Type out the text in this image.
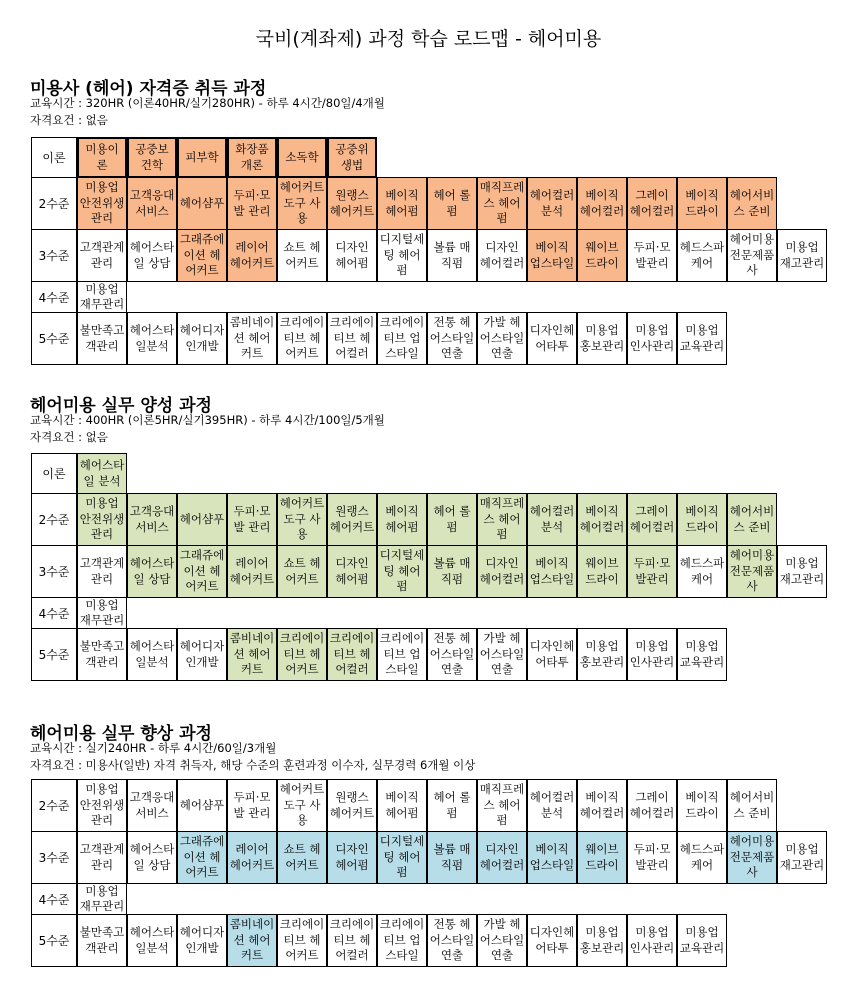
국비(계좌제) 과정 학습 로드맵 - 헤어미용
미용사 (헤어) 자격증 취득 과정
교육시간 : 320HR (이론40HR/실기280HR) - 하루 4시간/80일/4개월
자격요건 : 없음
이론
미용이론
공중보건학
피부학
화장품개론
소독학
공중위생법
2수준
미용업 안전위생 관리
고객응대 서비스
헤어샴푸
두피·모발 관리
헤어커트 도구 사용
원랭스 헤어커트
베이직 헤어펌
헤어 롤 펌
매직프레스 헤어펌
헤어컬러 분석
베이직 헤어컬러
그레이 헤어컬러
베이직 드라이
헤어서비스 준비
3수준
고객관계관리
헤어스타일 상담
그래쥬에이션 헤어커트
레이어 헤어커트
쇼트 헤어커트
디자인 헤어펌
디지털세팅 헤어펌
볼륨 매직펌
디자인 헤어컬러
베이직 업스타일
웨이브 드라이
두피·모발관리
헤드스파케어
헤어미용 전문제품사
미용업 재고관리
4수준
미용업 재무관리
5수준
불만족고객관리
헤어스타일분석
헤어디자인개발
콤비네이션 헤어커트
크리에이티브 헤어커트
크리에이티브 헤어컬러
크리에이티브 업스타일
전통 헤어스타일연출
가발 헤어스타일연출
디자인헤어타투
미용업 홍보관리
미용업 인사관리
미용업 교육관리
헤어미용 실무 양성 과정
교육시간 : 400HR (이론5HR/실기395HR) - 하루 4시간/100일/5개월
자격요건 : 없음
이론
헤어스타일 분석
2수준
미용업 안전위생 관리
고객응대 서비스
헤어샴푸
두피·모발 관리
헤어커트 도구 사용
원랭스 헤어커트
베이직 헤어펌
헤어 롤 펌
매직프레스 헤어펌
헤어컬러 분석
베이직 헤어컬러
그레이 헤어컬러
베이직 드라이
헤어서비스 준비
3수준
고객관계관리
헤어스타일 상담
그래쥬에이션 헤어커트
레이어 헤어커트
쇼트 헤어커트
디자인 헤어펌
디지털세팅 헤어펌
볼륨 매직펌
디자인 헤어컬러
베이직 업스타일
웨이브 드라이
두피·모발관리
헤드스파케어
헤어미용 전문제품사
미용업 재고관리
4수준
미용업 재무관리
5수준
불만족고객관리
헤어스타일분석
헤어디자인개발
콤비네이션 헤어커트
크리에이티브 헤어커트
크리에이티브 헤어컬러
크리에이티브 업스타일
전통 헤어스타일연출
가발 헤어스타일연출
디자인헤어타투
미용업 홍보관리
미용업 인사관리
미용업 교육관리
헤어미용 실무 향상 과정
교육시간 : 실기240HR - 하루 4시간/60일/3개월
자격요건 : 미용사(일반) 자격 취득자, 해당 수준의 훈련과정 이수자, 실무경력 6개월 이상
2수준
미용업 안전위생 관리
고객응대 서비스
헤어샴푸
두피·모발 관리
헤어커트 도구 사용
원랭스 헤어커트
베이직 헤어펌
헤어 롤 펌
매직프레스 헤어펌
헤어컬러 분석
베이직 헤어컬러
그레이 헤어컬러
베이직 드라이
헤어서비스 준비
3수준
고객관계관리
헤어스타일 상담
그래쥬에이션 헤어커트
레이어 헤어커트
쇼트 헤어커트
디자인 헤어펌
디지털세팅 헤어펌
볼륨 매직펌
디자인 헤어컬러
베이직 업스타일
웨이브 드라이
두피·모발관리
헤드스파케어
헤어미용 전문제품사
미용업 재고관리
4수준
미용업 재무관리
5수준
불만족고객관리
헤어스타일분석
헤어디자인개발
콤비네이션 헤어커트
크리에이티브 헤어커트
크리에이티브 헤어컬러
크리에이티브 업스타일
전통 헤어스타일연출
가발 헤어스타일연출
디자인헤어타투
미용업 홍보관리
미용업 인사관리
미용업 교육관리
